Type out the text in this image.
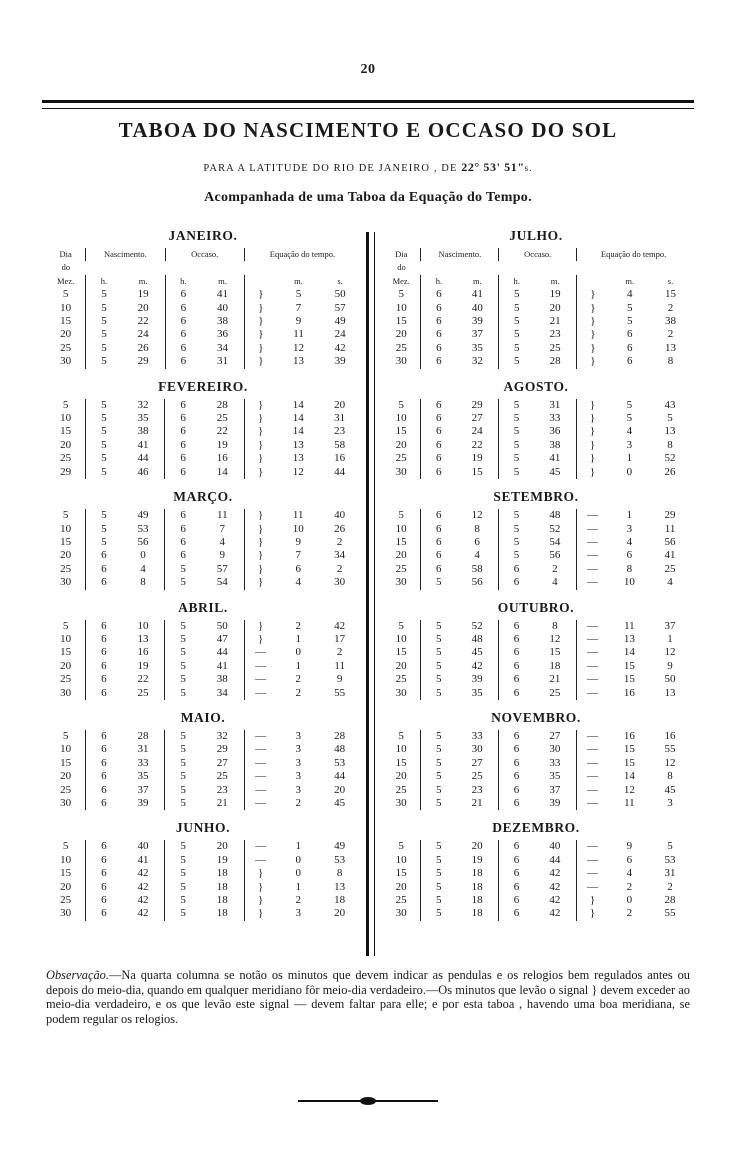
20
TABOA DO NASCIMENTO E OCCASO DO SOL
PARA A LATITUDE DO RIO DE JANEIRO , DE 22° 53' 51"s.
Acompanhada de uma Taboa da Equação do Tempo.
JANEIRO.
Dia	Nascimento.		Occaso.		Equação do tempo.		
do							
Mez.	h.	m.	h.	m.		m.	s.
5	5	19	6	41	}	5	50
10	5	20	6	40	}	7	57
15	5	22	6	38	}	9	49
20	5	24	6	36	}	11	24
25	5	26	6	34	}	12	42
30	5	29	6	31	}	13	39
FEVEREIRO.
5	5	32	6	28	}	14	20
10	5	35	6	25	}	14	31
15	5	38	6	22	}	14	23
20	5	41	6	19	}	13	58
25	5	44	6	16	}	13	16
29	5	46	6	14	}	12	44
MARÇO.
5	5	49	6	11	}	11	40
10	5	53	6	7	}	10	26
15	5	56	6	4	}	9	2
20	6	0	6	9	}	7	34
25	6	4	5	57	}	6	2
30	6	8	5	54	}	4	30
ABRIL.
5	6	10	5	50	}	2	42
10	6	13	5	47	}	1	17
15	6	16	5	44	—	0	2
20	6	19	5	41	—	1	11
25	6	22	5	38	—	2	9
30	6	25	5	34	—	2	55
MAIO.
5	6	28	5	32	—	3	28
10	6	31	5	29	—	3	48
15	6	33	5	27	—	3	53
20	6	35	5	25	—	3	44
25	6	37	5	23	—	3	20
30	6	39	5	21	—	2	45
JUNHO.
5	6	40	5	20	—	1	49
10	6	41	5	19	—	0	53
15	6	42	5	18	}	0	8
20	6	42	5	18	}	1	13
25	6	42	5	18	}	2	18
30	6	42	5	18	}	3	20
JULHO.
Dia	Nascimento.		Occaso.		Equação do tempo.		
do							
Mez.	h.	m.	h.	m.		m.	s.
5	6	41	5	19	}	4	15
10	6	40	5	20	}	5	2
15	6	39	5	21	}	5	38
20	6	37	5	23	}	6	2
25	6	35	5	25	}	6	13
30	6	32	5	28	}	6	8
AGOSTO.
5	6	29	5	31	}	5	43
10	6	27	5	33	}	5	5
15	6	24	5	36	}	4	13
20	6	22	5	38	}	3	8
25	6	19	5	41	}	1	52
30	6	15	5	45	}	0	26
SETEMBRO.
5	6	12	5	48	—	1	29
10	6	8	5	52	—	3	11
15	6	6	5	54	—	4	56
20	6	4	5	56	—	6	41
25	6	58	6	2	—	8	25
30	5	56	6	4	—	10	4
OUTUBRO.
5	5	52	6	8	—	11	37
10	5	48	6	12	—	13	1
15	5	45	6	15	—	14	12
20	5	42	6	18	—	15	9
25	5	39	6	21	—	15	50
30	5	35	6	25	—	16	13
NOVEMBRO.
5	5	33	6	27	—	16	16
10	5	30	6	30	—	15	55
15	5	27	6	33	—	15	12
20	5	25	6	35	—	14	8
25	5	23	6	37	—	12	45
30	5	21	6	39	—	11	3
DEZEMBRO.
5	5	20	6	40	—	9	5
10	5	19	6	44	—	6	53
15	5	18	6	42	—	4	31
20	5	18	6	42	—	2	2
25	5	18	6	42	}	0	28
30	5	18	6	42	}	2	55
Observação.—Na quarta columna se notão os minutos que devem indicar as pendulas e os relogios bem regulados antes ou depois do meio-dia, quando em qualquer meridiano fôr meio-dia verdadeiro.—Os minutos que levão o signal } devem exceder ao meio-dia verdadeiro, e os que levão este signal — devem faltar para elle; e por esta taboa , havendo uma boa meridiana, se podem regular os relogios.
